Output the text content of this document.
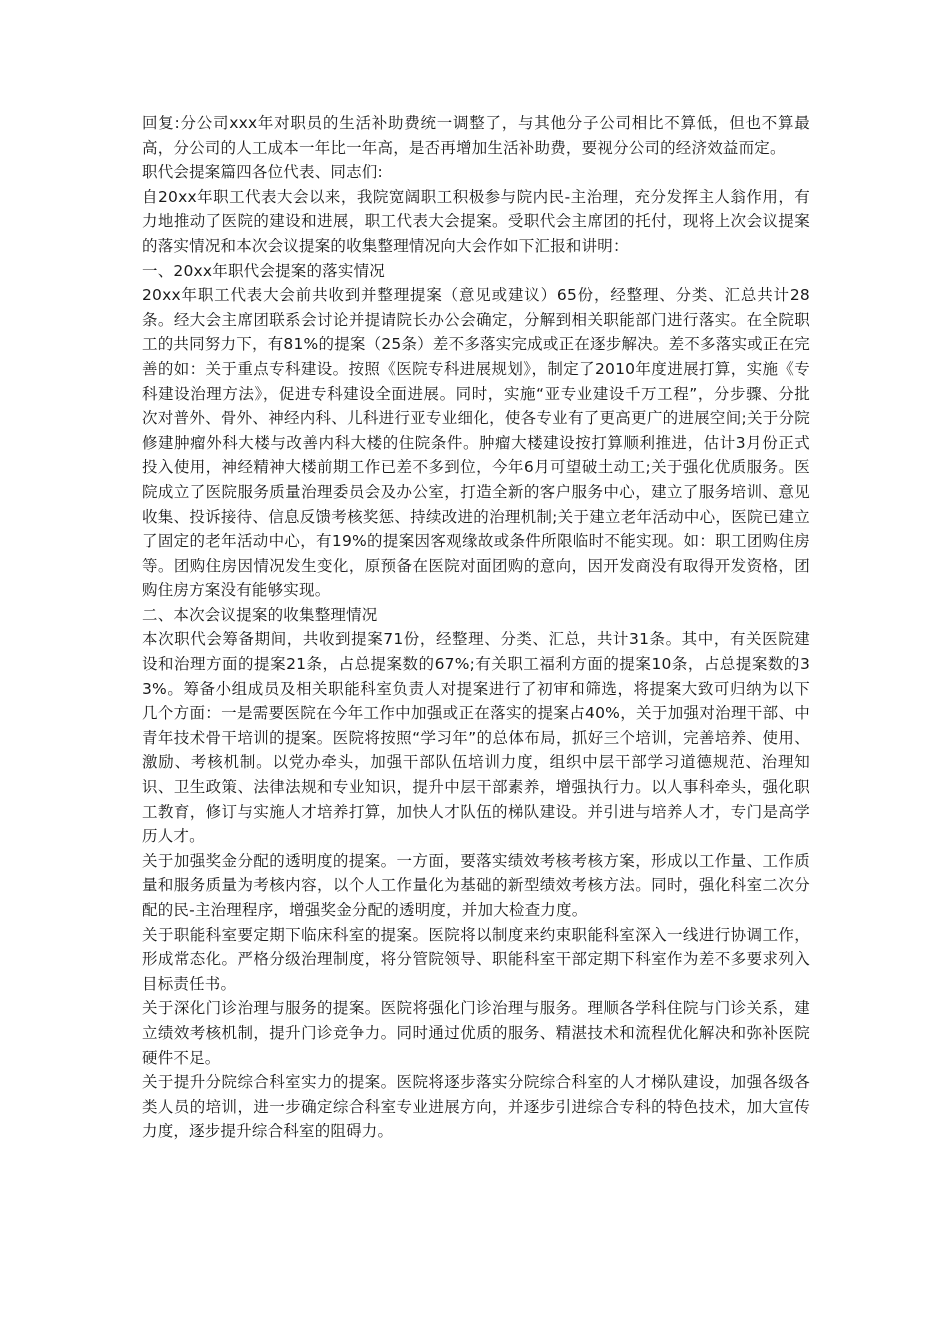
回复:分公司xxx年对职员的生活补助费统一调整了，与其他分子公司相比不算低，但也不算最高，分公司的人工成本一年比一年高，是否再增加生活补助费，要视分公司的经济效益而定。

职代会提案篇四各位代表、同志们:

自20xx年职工代表大会以来，我院宽阔职工积极参与院内民-主治理，充分发挥主人翁作用，有力地推动了医院的建设和进展，职工代表大会提案。受职代会主席团的托付，现将上次会议提案的落实情况和本次会议提案的收集整理情况向大会作如下汇报和讲明：

一、20xx年职代会提案的落实情况

20xx年职工代表大会前共收到并整理提案（意见或建议）65份，经整理、分类、汇总共计28条。经大会主席团联系会讨论并提请院长办公会确定，分解到相关职能部门进行落实。在全院职工的共同努力下，有81%的提案（25条）差不多落实完成或正在逐步解决。差不多落实或正在完善的如：关于重点专科建设。按照《医院专科进展规划》，制定了2010年度进展打算，实施《专科建设治理方法》，促进专科建设全面进展。同时，实施“亚专业建设千万工程”，分步骤、分批次对普外、骨外、神经内科、儿科进行亚专业细化，使各专业有了更高更广的进展空间;关于分院修建肿瘤外科大楼与改善内科大楼的住院条件。肿瘤大楼建设按打算顺利推进，估计3月份正式投入使用，神经精神大楼前期工作已差不多到位，今年6月可望破土动工;关于强化优质服务。医院成立了医院服务质量治理委员会及办公室，打造全新的客户服务中心，建立了服务培训、意见收集、投诉接待、信息反馈考核奖惩、持续改进的治理机制;关于建立老年活动中心，医院已建立了固定的老年活动中心，有19%的提案因客观缘故或条件所限临时不能实现。如：职工团购住房等。团购住房因情况发生变化，原预备在医院对面团购的意向，因开发商没有取得开发资格，团购住房方案没有能够实现。

二、本次会议提案的收集整理情况

本次职代会筹备期间，共收到提案71份，经整理、分类、汇总，共计31条。其中，有关医院建设和治理方面的提案21条，占总提案数的67%;有关职工福利方面的提案10条，占总提案数的33%。筹备小组成员及相关职能科室负责人对提案进行了初审和筛选，将提案大致可归纳为以下几个方面：一是需要医院在今年工作中加强或正在落实的提案占40%，关于加强对治理干部、中青年技术骨干培训的提案。医院将按照“学习年”的总体布局，抓好三个培训，完善培养、使用、激励、考核机制。以党办牵头，加强干部队伍培训力度，组织中层干部学习道德规范、治理知识、卫生政策、法律法规和专业知识，提升中层干部素养，增强执行力。以人事科牵头，强化职工教育，修订与实施人才培养打算，加快人才队伍的梯队建设。并引进与培养人才，专门是高学历人才。

关于加强奖金分配的透明度的提案。一方面，要落实绩效考核考核方案，形成以工作量、工作质量和服务质量为考核内容，以个人工作量化为基础的新型绩效考核方法。同时，强化科室二次分配的民-主治理程序，增强奖金分配的透明度，并加大检查力度。

关于职能科室要定期下临床科室的提案。医院将以制度来约束职能科室深入一线进行协调工作，形成常态化。严格分级治理制度，将分管院领导、职能科室干部定期下科室作为差不多要求列入目标责任书。

关于深化门诊治理与服务的提案。医院将强化门诊治理与服务。理顺各学科住院与门诊关系，建立绩效考核机制，提升门诊竞争力。同时通过优质的服务、精湛技术和流程优化解决和弥补医院硬件不足。

关于提升分院综合科室实力的提案。医院将逐步落实分院综合科室的人才梯队建设，加强各级各类人员的培训，进一步确定综合科室专业进展方向，并逐步引进综合专科的特色技术，加大宣传力度，逐步提升综合科室的阻碍力。
